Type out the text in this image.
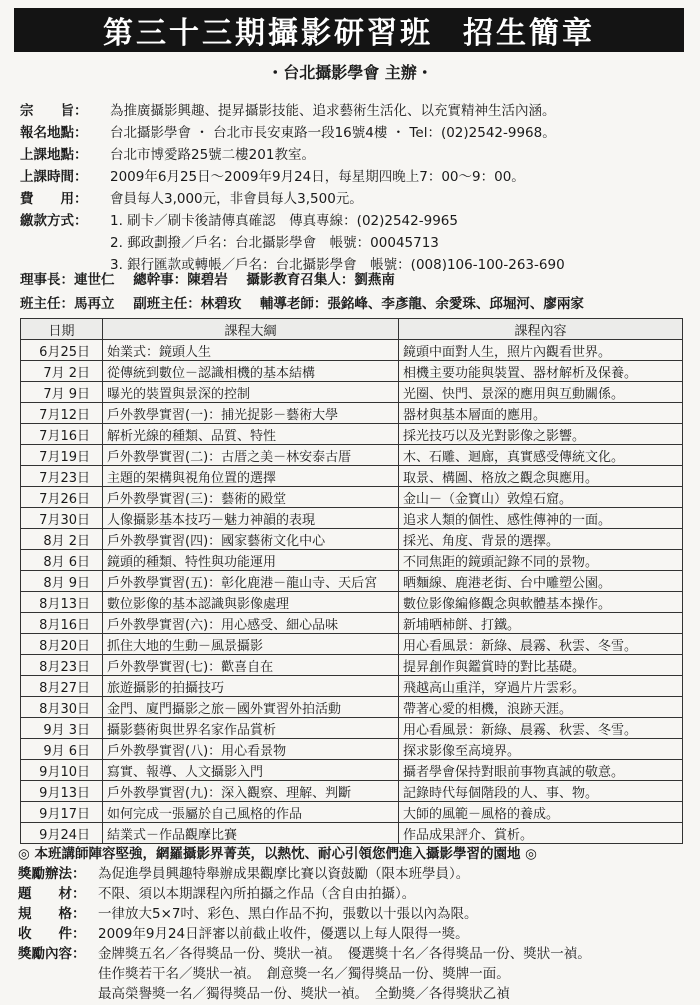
第三十三期攝影研習班 招生簡章
・台北攝影學會 主辦・
宗　　旨：	為推廣攝影興趣、提昇攝影技能、追求藝術生活化、以充實精神生活內涵。
報名地點：	台北攝影學會 ・ 台北市長安東路一段16號4樓 ・ Tel：(02)2542-9968。
上課地點：	台北市博愛路25號二樓201教室。
上課時間：	2009年6月25日～2009年9月24日，每星期四晚上7：00～9：00。
費　　用：	會員每人3,000元，非會員每人3,500元。
繳款方式：	1. 刷卡／刷卡後請傳真確認　傳真專線：(02)2542-9965
2. 郵政劃撥／戶名：台北攝影學會　帳號：00045713
3. 銀行匯款或轉帳／戶名：台北攝影學會　帳號：(008)106-100-263-690
理事長：連世仁 總幹事：陳碧岩 攝影教育召集人：劉燕南
班主任：馬再立 副班主任：林碧玫 輔導老師：張銘峰、李彥龍、余愛珠、邱堀河、廖兩家
日期	課程大綱	課程內容
6月25日	始業式：鏡頭人生	鏡頭中面對人生，照片內觀看世界。
7月 2日	從傳統到數位－認識相機的基本結構	相機主要功能與裝置、器材解析及保養。
7月 9日	曝光的裝置與景深的控制	光圈、快門、景深的應用與互動關係。
7月12日	戶外教學實習(一)：捕光捉影－藝術大學	器材與基本層面的應用。
7月16日	解析光線的種類、品質、特性	採光技巧以及光對影像之影響。
7月19日	戶外教學實習(二)：古厝之美－林安泰古厝	木、石雕、迴廊，真實感受傳統文化。
7月23日	主題的架構與視角位置的選擇	取景、構圖、格放之觀念與應用。
7月26日	戶外教學實習(三)：藝術的殿堂	金山－（金寶山）敦煌石窟。
7月30日	人像攝影基本技巧－魅力神韻的表現	追求人類的個性、感性傳神的一面。
8月 2日	戶外教學實習(四)：國家藝術文化中心	採光、角度、背景的選擇。
8月 6日	鏡頭的種類、特性與功能運用	不同焦距的鏡頭記錄不同的景物。
8月 9日	戶外教學實習(五)：彰化鹿港－龍山寺、天后宮	晒麵線、鹿港老街、台中雕塑公園。
8月13日	數位影像的基本認識與影像處理	數位影像編修觀念與軟體基本操作。
8月16日	戶外教學實習(六)：用心感受、細心品味	新埔晒柿餅、打鐵。
8月20日	抓住大地的生動－風景攝影	用心看風景：新綠、晨霧、秋雲、冬雪。
8月23日	戶外教學實習(七)：歡喜自在	提昇創作與鑑賞時的對比基礎。
8月27日	旅遊攝影的拍攝技巧	飛越高山重洋，穿過片片雲彩。
8月30日	金門、廈門攝影之旅－國外實習外拍活動	帶著心愛的相機，浪跡天涯。
9月 3日	攝影藝術與世界名家作品賞析	用心看風景：新綠、晨霧、秋雲、冬雪。
9月 6日	戶外教學實習(八)：用心看景物	探求影像至高境界。
9月10日	寫實、報導、人文攝影入門	攝者學會保持對眼前事物真誠的敬意。
9月13日	戶外教學實習(九)：深入觀察、理解、判斷	記錄時代每個階段的人、事、物。
9月17日	如何完成一張屬於自己風格的作品	大師的風範－風格的養成。
9月24日	結業式－作品觀摩比賽	作品成果評介、賞析。
◎ 本班講師陣容堅強，網羅攝影界菁英，以熱忱、耐心引領您們進入攝影學習的園地 ◎
獎勵辦法： 為促進學員興趣特舉辦成果觀摩比賽以資鼓勵（限本班學員）。
題　　材： 不限、須以本期課程內所拍攝之作品（含自由拍攝）。
規　　格： 一律放大5×7吋、彩色、黑白作品不拘，張數以十張以內為限。
收　　件： 2009年9月24日評審以前截止收件，優選以上每人限得一獎。
獎勵內容： 金牌獎五名／各得獎品一份、獎狀一禎。　優選獎十名／各得獎品一份、獎狀一禎。
佳作獎若干名／獎狀一禎。　創意獎一名／獨得獎品一份、獎牌一面。
最高榮譽獎一名／獨得獎品一份、獎狀一禎。　全勤獎／各得獎狀乙禎
